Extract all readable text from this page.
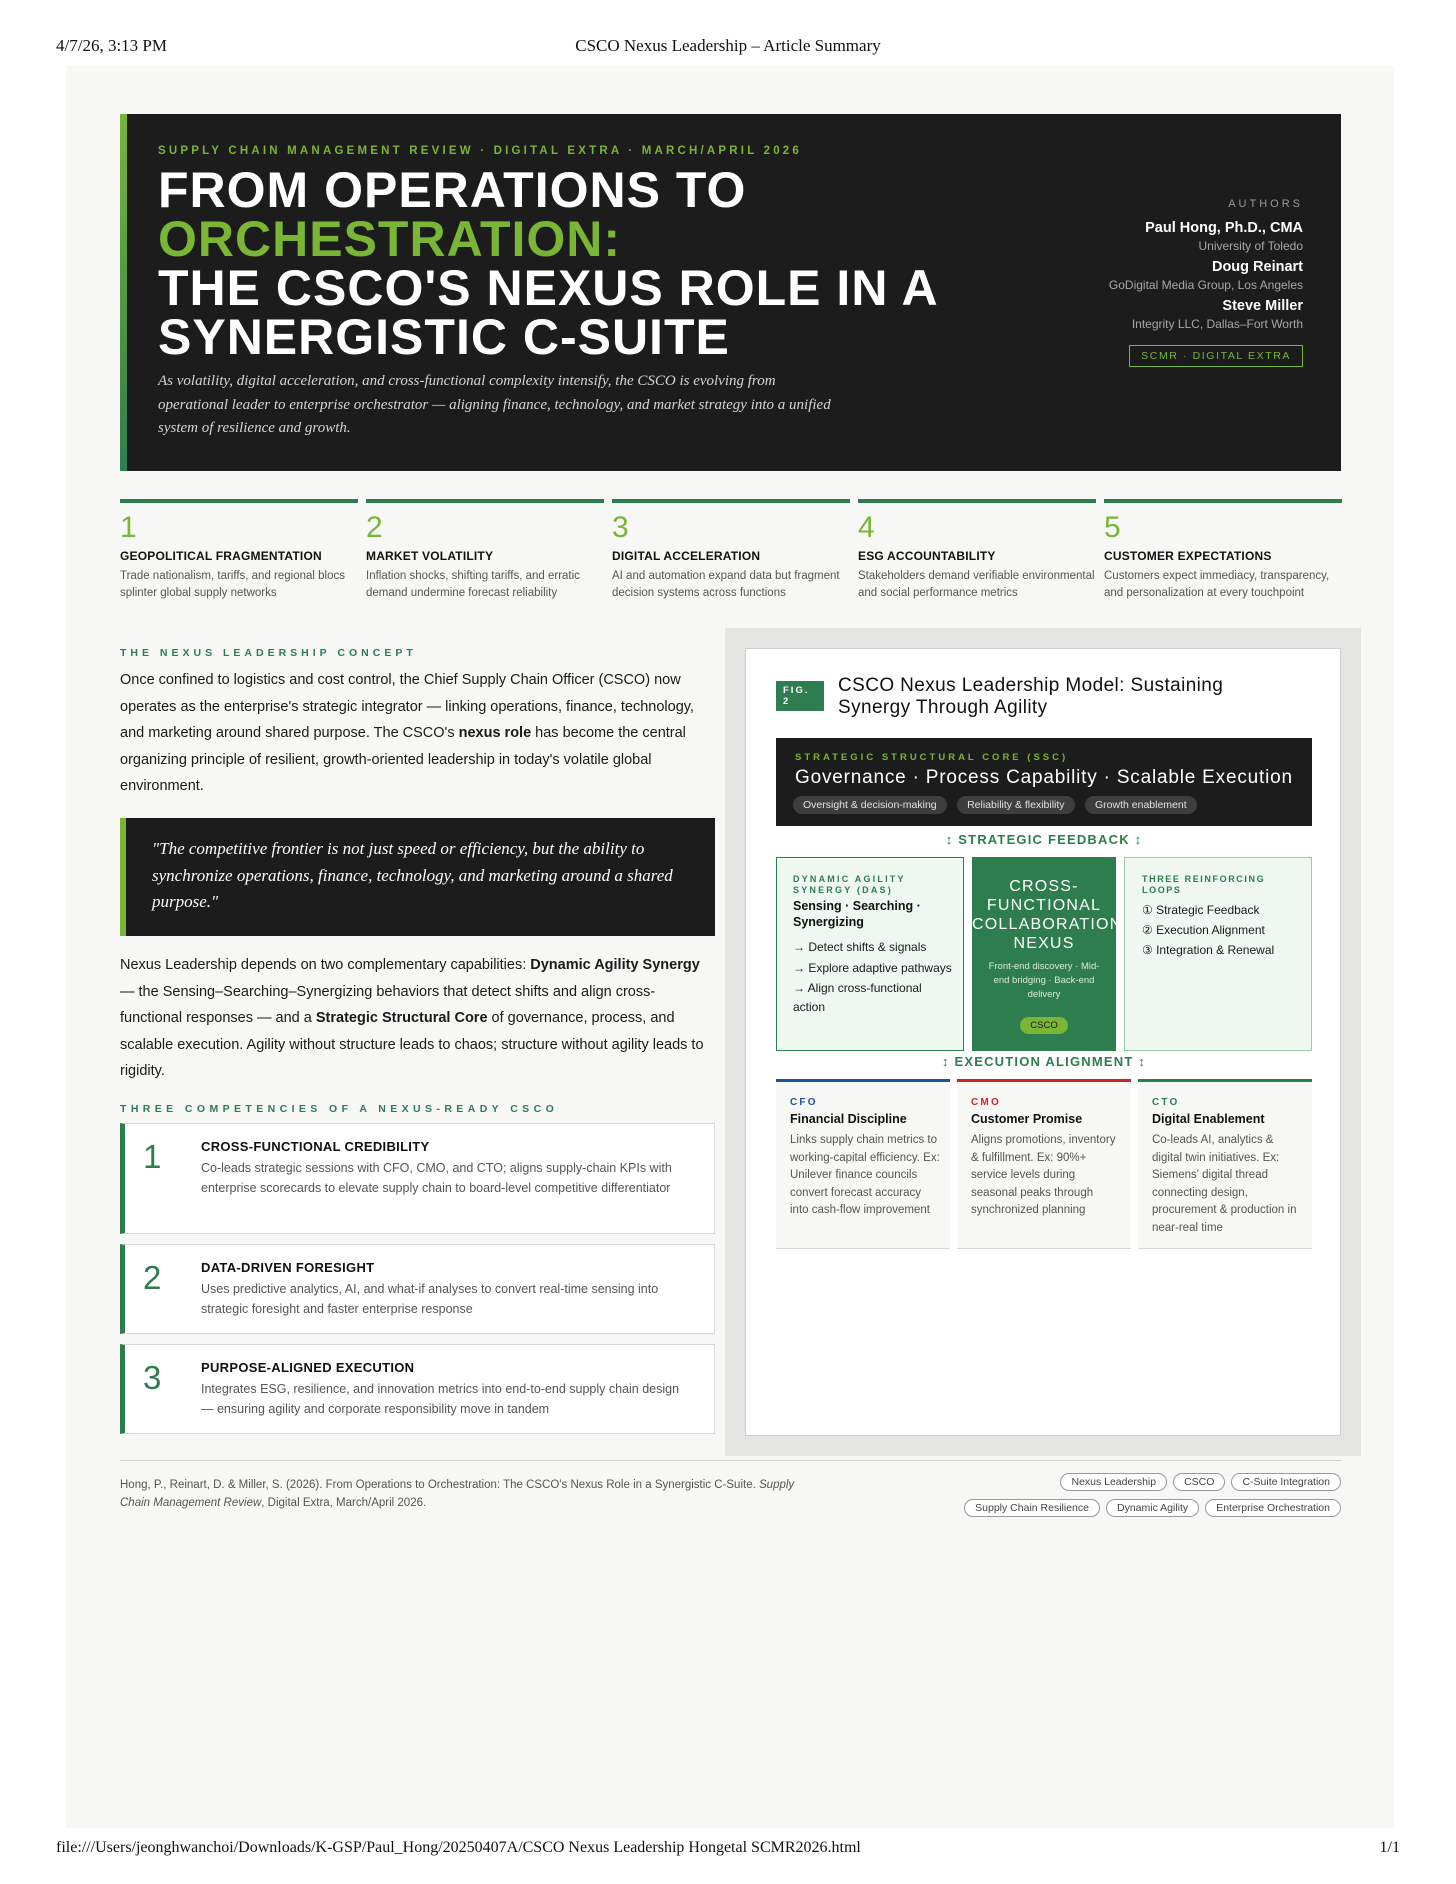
4/7/26, 3:13 PM	CSCO Nexus Leadership – Article Summary
SUPPLY CHAIN MANAGEMENT REVIEW · DIGITAL EXTRA · MARCH/APRIL 2026
FROM OPERATIONS TO
ORCHESTRATION:
THE CSCO'S NEXUS ROLE IN A
SYNERGISTIC C-SUITE

As volatility, digital acceleration, and cross-functional complexity intensify, the CSCO is evolving from operational leader to enterprise orchestrator — aligning finance, technology, and market strategy into a unified system of resilience and growth.

AUTHORS
Paul Hong, Ph.D., CMA
University of Toledo
Doug Reinart
GoDigital Media Group, Los Angeles
Steve Miller
Integrity LLC, Dallas–Fort Worth
SCMR · DIGITAL EXTRA
1
GEOPOLITICAL FRAGMENTATION
Trade nationalism, tariffs, and regional blocs splinter global supply networks
2
MARKET VOLATILITY
Inflation shocks, shifting tariffs, and erratic demand undermine forecast reliability
3
DIGITAL ACCELERATION
AI and automation expand data but fragment decision systems across functions
4
ESG ACCOUNTABILITY
Stakeholders demand verifiable environmental and social performance metrics
5
CUSTOMER EXPECTATIONS
Customers expect immediacy, transparency, and personalization at every touchpoint
THE NEXUS LEADERSHIP CONCEPT

Once confined to logistics and cost control, the Chief Supply Chain Officer (CSCO) now operates as the enterprise's strategic integrator — linking operations, finance, technology, and marketing around shared purpose. The CSCO's nexus role has become the central organizing principle of resilient, growth-oriented leadership in today's volatile global environment.

"The competitive frontier is not just speed or efficiency, but the ability to synchronize operations, finance, technology, and marketing around a shared purpose."

Nexus Leadership depends on two complementary capabilities: Dynamic Agility Synergy — the Sensing–Searching–Synergizing behaviors that detect shifts and align cross-functional responses — and a Strategic Structural Core of governance, process, and scalable execution. Agility without structure leads to chaos; structure without agility leads to rigidity.

THREE COMPETENCIES OF A NEXUS-READY CSCO
1	CROSS-FUNCTIONAL CREDIBILITY
Co-leads strategic sessions with CFO, CMO, and CTO; aligns supply-chain KPIs with enterprise scorecards to elevate supply chain to board-level competitive differentiator
2	DATA-DRIVEN FORESIGHT
Uses predictive analytics, AI, and what-if analyses to convert real-time sensing into strategic foresight and faster enterprise response
3	PURPOSE-ALIGNED EXECUTION
Integrates ESG, resilience, and innovation metrics into end-to-end supply chain design — ensuring agility and corporate responsibility move in tandem
FIG.
2
CSCO Nexus Leadership Model: Sustaining Synergy Through Agility
STRATEGIC STRUCTURAL CORE (SSC)
Governance · Process Capability · Scalable Execution
Oversight & decision-making	Reliability & flexibility	Growth enablement
↕ STRATEGIC FEEDBACK ↕
DYNAMIC AGILITY SYNERGY (DAS)
Sensing · Searching · Synergizing
→ Detect shifts & signals
→ Explore adaptive pathways
→ Align cross-functional action
CROSS-
FUNCTIONAL
COLLABORATION
NEXUS
Front-end discovery · Mid-end bridging · Back-end delivery
CSCO
THREE REINFORCING LOOPS
① Strategic Feedback
② Execution Alignment
③ Integration & Renewal
↕ EXECUTION ALIGNMENT ↕
CFO
Financial Discipline
Links supply chain metrics to working-capital efficiency. Ex: Unilever finance councils convert forecast accuracy into cash-flow improvement
CMO
Customer Promise
Aligns promotions, inventory & fulfillment. Ex: 90%+ service levels during seasonal peaks through synchronized planning
CTO
Digital Enablement
Co-leads AI, analytics & digital twin initiatives. Ex: Siemens' digital thread connecting design, procurement & production in near-real time

Hong, P., Reinart, D. & Miller, S. (2026). From Operations to Orchestration: The CSCO's Nexus Role in a Synergistic C-Suite. Supply Chain Management Review, Digital Extra, March/April 2026.

Nexus Leadership	CSCO	C-Suite Integration
Supply Chain Resilience	Dynamic Agility	Enterprise Orchestration
file:///Users/jeonghwanchoi/Downloads/K-GSP/Paul_Hong/20250407A/CSCO Nexus Leadership Hongetal SCMR2026.html	1/1
